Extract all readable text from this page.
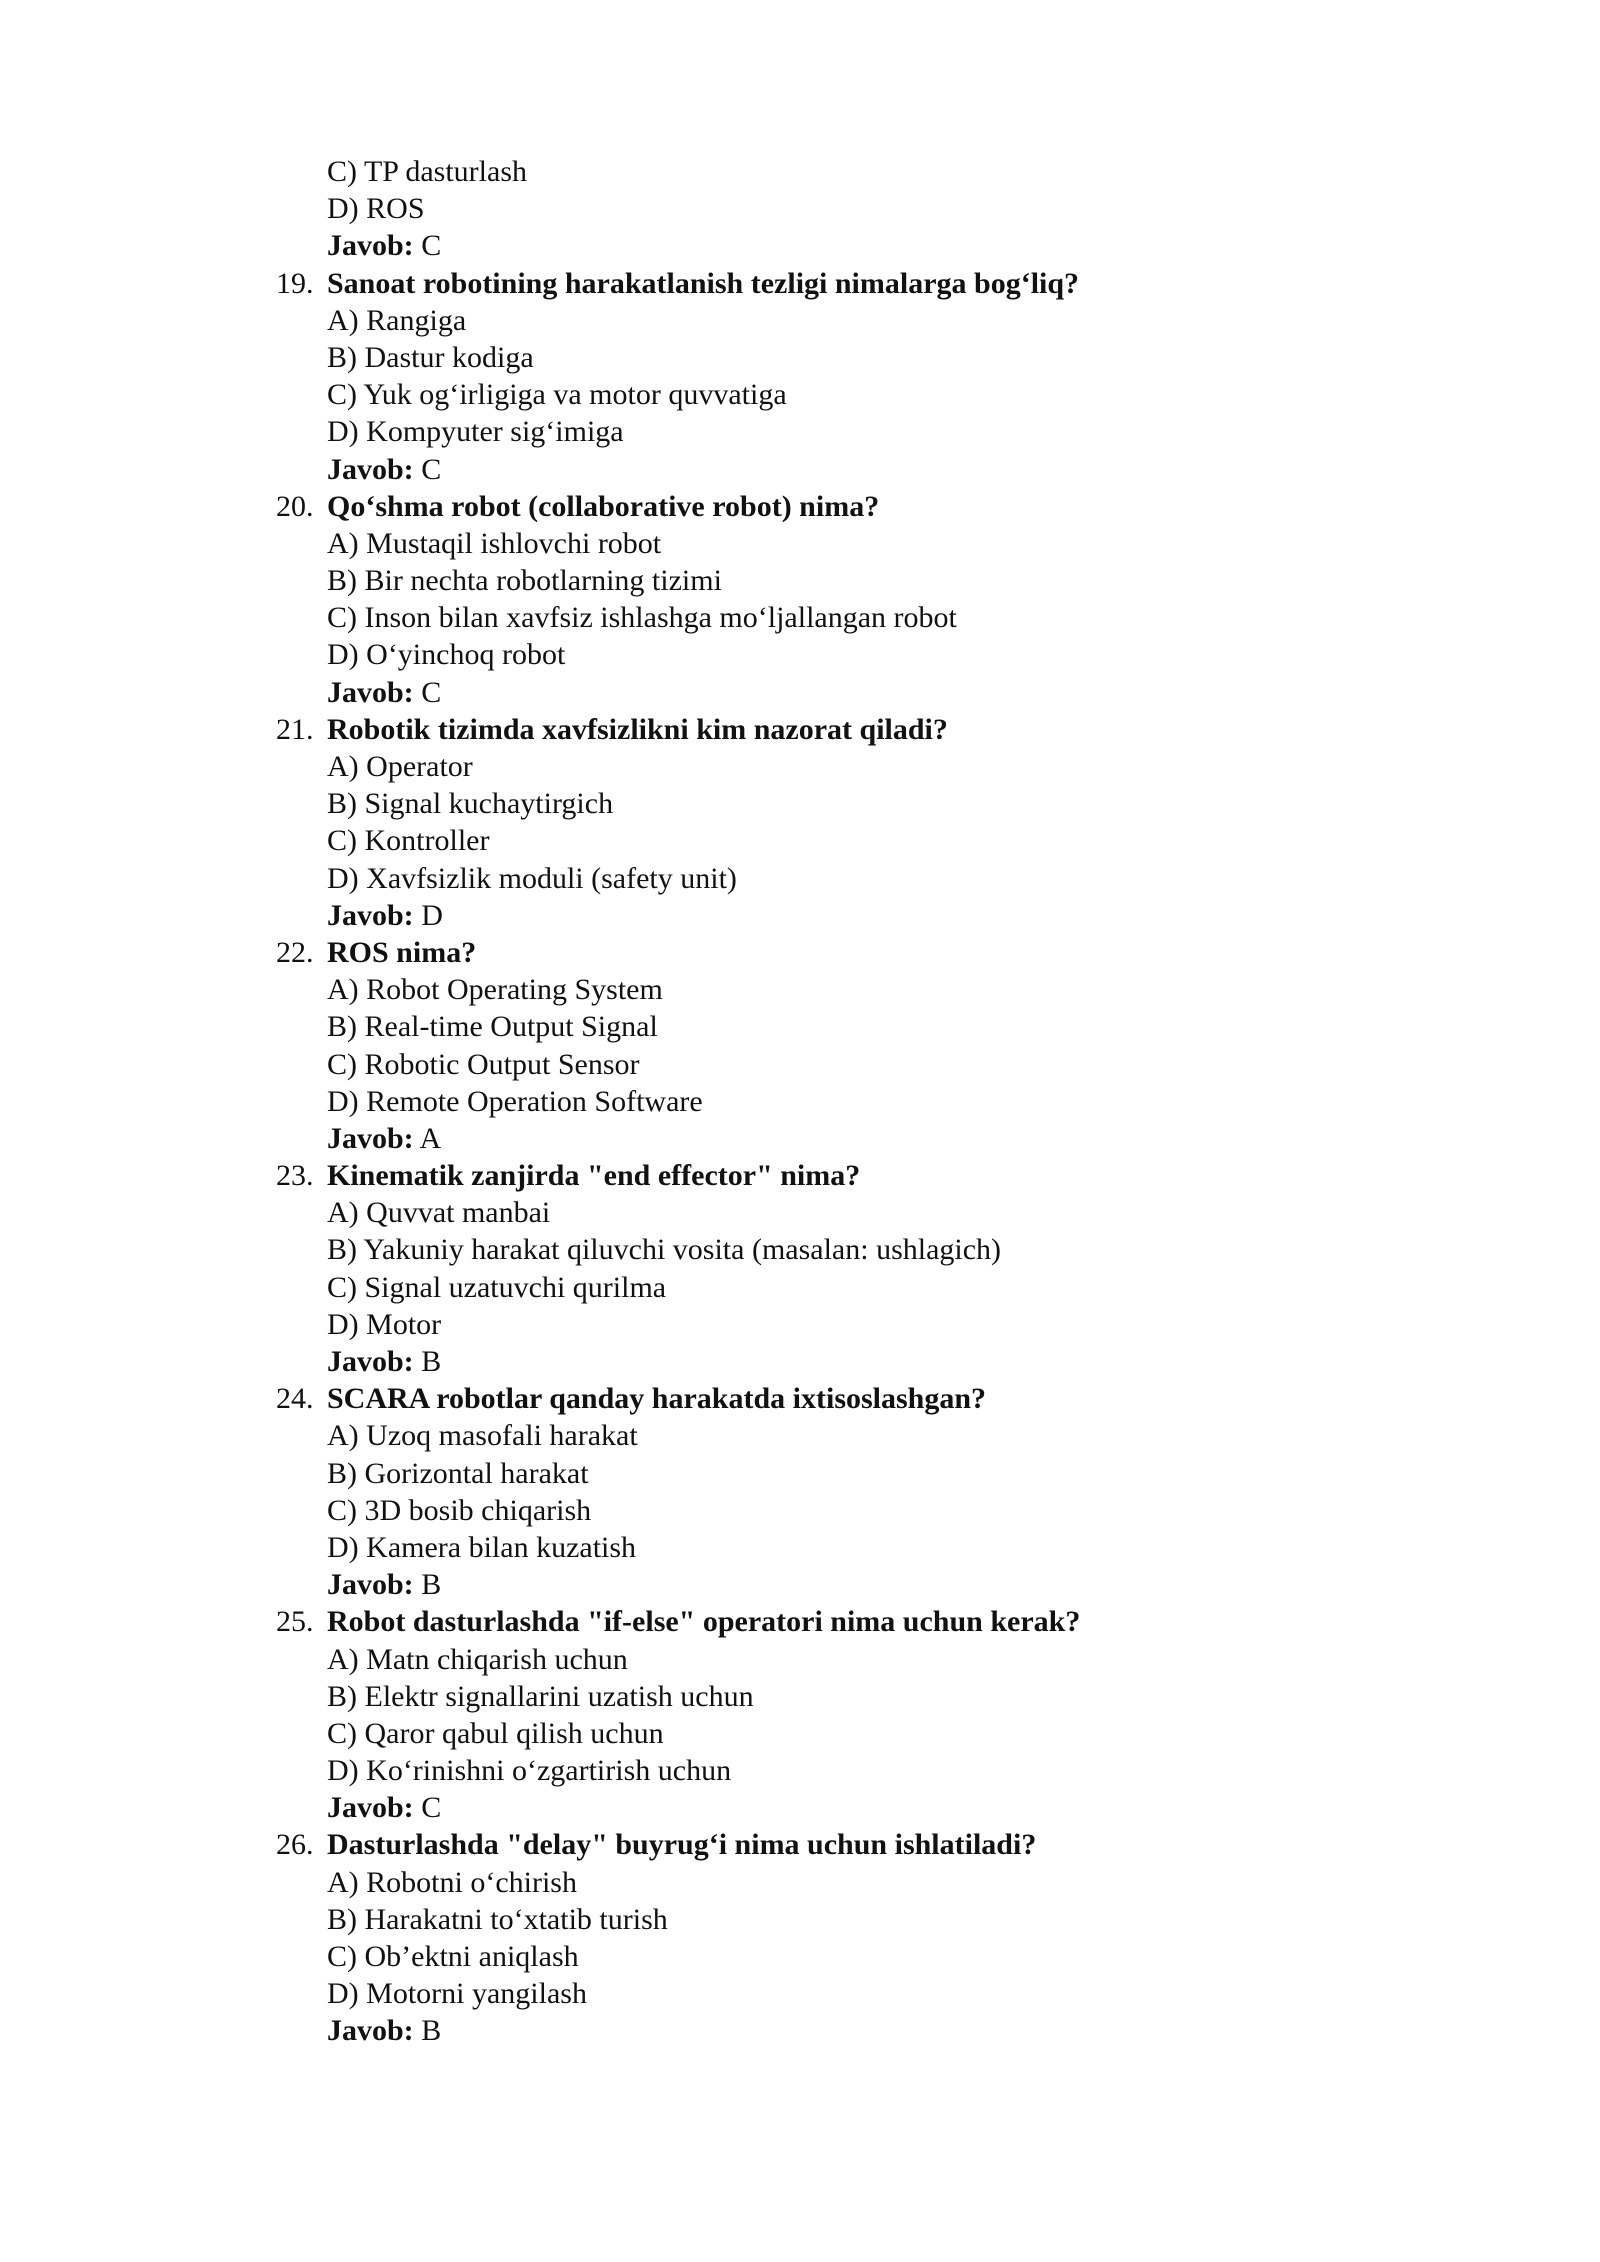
C) TP dasturlash
D) ROS
Javob: C
19. Sanoat robotining harakatlanish tezligi nimalarga bog‘liq?
A) Rangiga
B) Dastur kodiga
C) Yuk og‘irligiga va motor quvvatiga
D) Kompyuter sig‘imiga
Javob: C
20. Qo‘shma robot (collaborative robot) nima?
A) Mustaqil ishlovchi robot
B) Bir nechta robotlarning tizimi
C) Inson bilan xavfsiz ishlashga mo‘ljallangan robot
D) O‘yinchoq robot
Javob: C
21. Robotik tizimda xavfsizlikni kim nazorat qiladi?
A) Operator
B) Signal kuchaytirgich
C) Kontroller
D) Xavfsizlik moduli (safety unit)
Javob: D
22. ROS nima?
A) Robot Operating System
B) Real-time Output Signal
C) Robotic Output Sensor
D) Remote Operation Software
Javob: A
23. Kinematik zanjirda "end effector" nima?
A) Quvvat manbai
B) Yakuniy harakat qiluvchi vosita (masalan: ushlagich)
C) Signal uzatuvchi qurilma
D) Motor
Javob: B
24. SCARA robotlar qanday harakatda ixtisoslashgan?
A) Uzoq masofali harakat
B) Gorizontal harakat
C) 3D bosib chiqarish
D) Kamera bilan kuzatish
Javob: B
25. Robot dasturlashda "if-else" operatori nima uchun kerak?
A) Matn chiqarish uchun
B) Elektr signallarini uzatish uchun
C) Qaror qabul qilish uchun
D) Ko‘rinishni o‘zgartirish uchun
Javob: C
26. Dasturlashda "delay" buyrug‘i nima uchun ishlatiladi?
A) Robotni o‘chirish
B) Harakatni to‘xtatib turish
C) Ob’ektni aniqlash
D) Motorni yangilash
Javob: B
